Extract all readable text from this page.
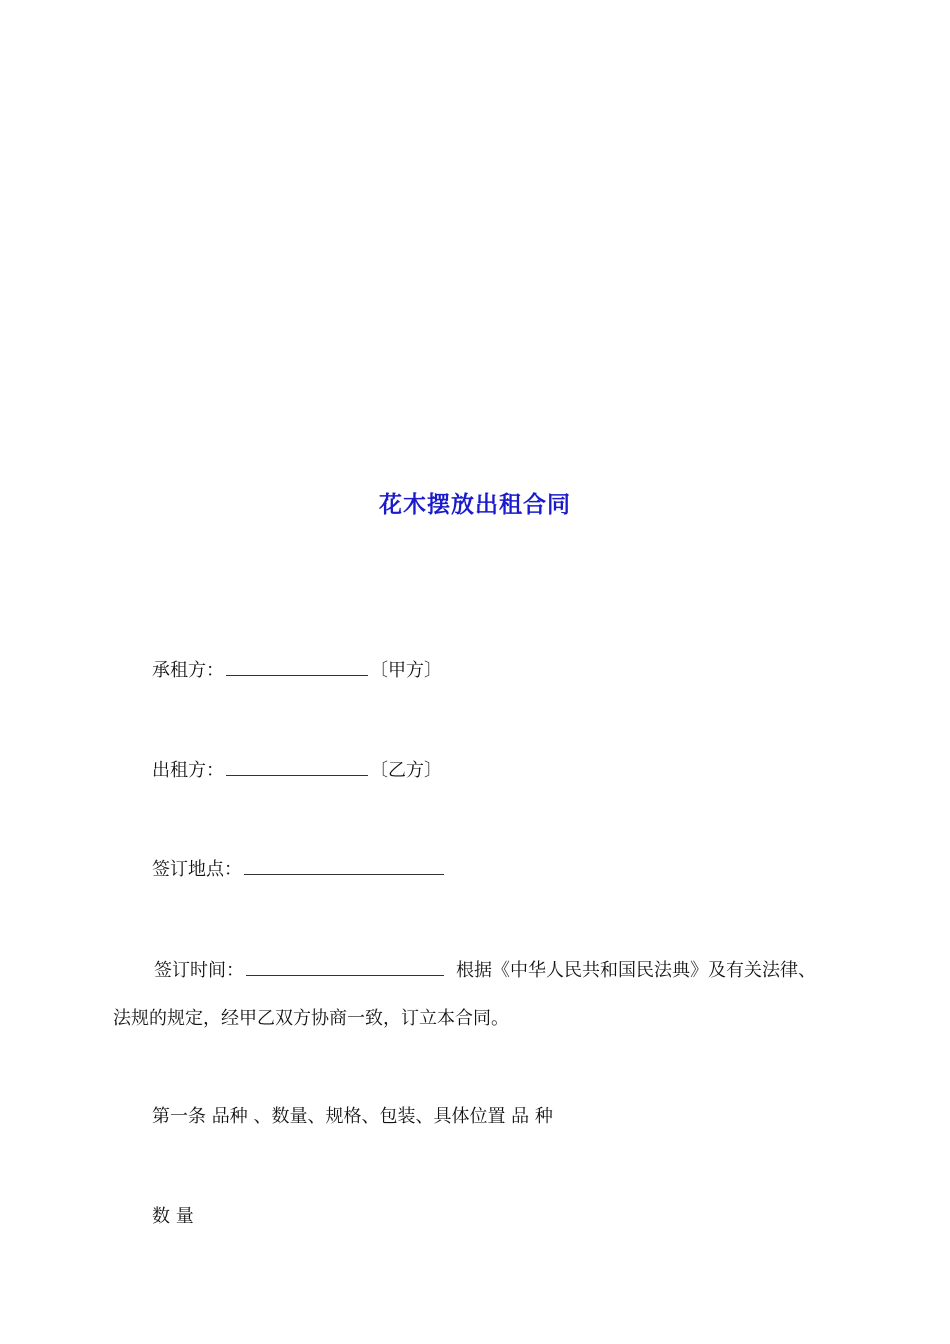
花木摆放出租合同
承租方：	〔甲方〕
出租方：	〔乙方〕
签订地点：
签订时间：	根据《中华人民共和国民法典》及有关法律、
法规的规定，经甲乙双方协商一致，订立本合同。
第一条 品种 、数量、规格、包装、具体位置 品 种
数 量
